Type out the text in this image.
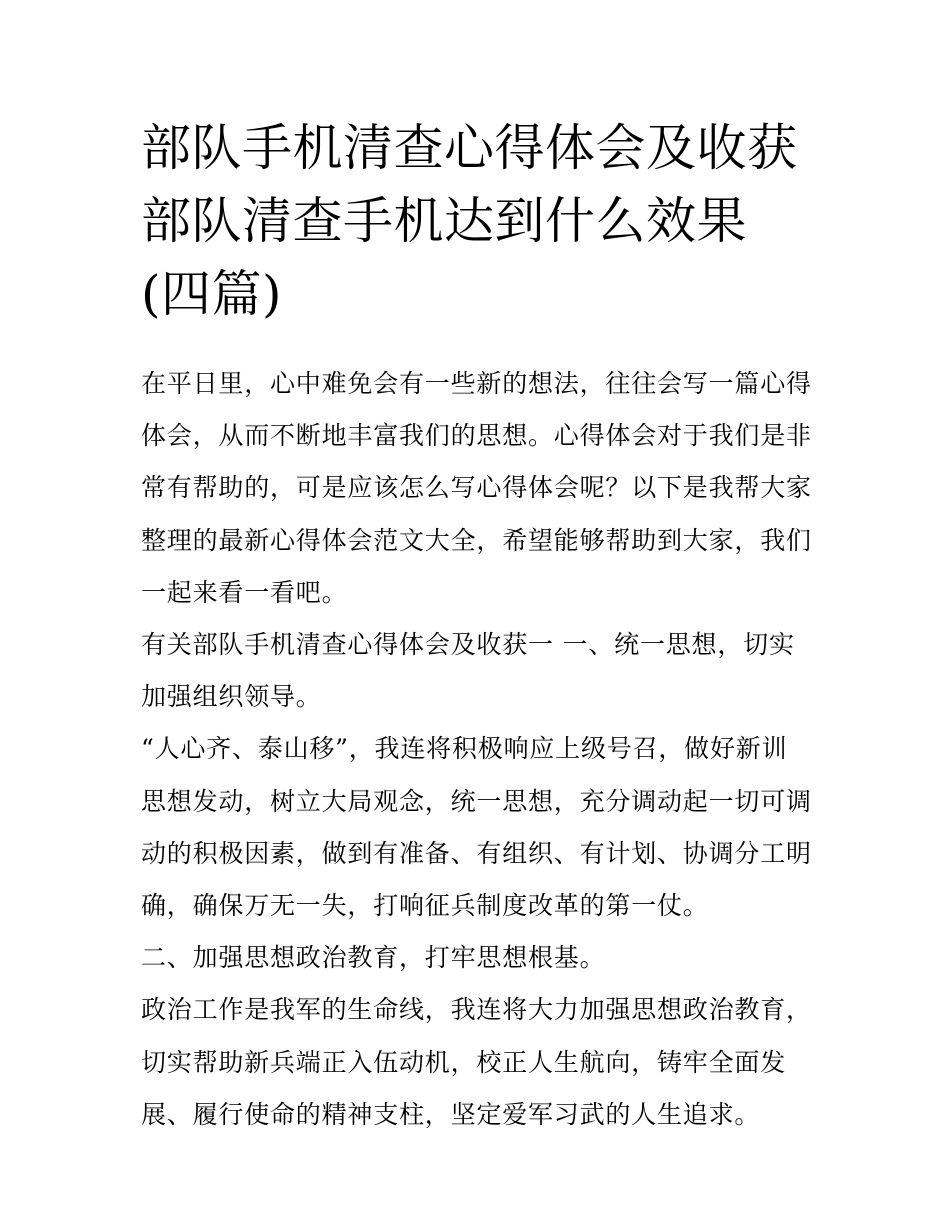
部队手机清查心得体会及收获部队清查手机达到什么效果(四篇)

在平日里，心中难免会有一些新的想法，往往会写一篇心得体会，从而不断地丰富我们的思想。心得体会对于我们是非常有帮助的，可是应该怎么写心得体会呢？以下是我帮大家整理的最新心得体会范文大全，希望能够帮助到大家，我们一起来看一看吧。

有关部队手机清查心得体会及收获一 一、统一思想，切实加强组织领导。

“人心齐、泰山移”，我连将积极响应上级号召，做好新训思想发动，树立大局观念，统一思想，充分调动起一切可调动的积极因素，做到有准备、有组织、有计划、协调分工明确，确保万无一失，打响征兵制度改革的第一仗。

二、加强思想政治教育，打牢思想根基。

政治工作是我军的生命线，我连将大力加强思想政治教育，切实帮助新兵端正入伍动机，校正人生航向，铸牢全面发展、履行使命的精神支柱，坚定爱军习武的人生追求。
